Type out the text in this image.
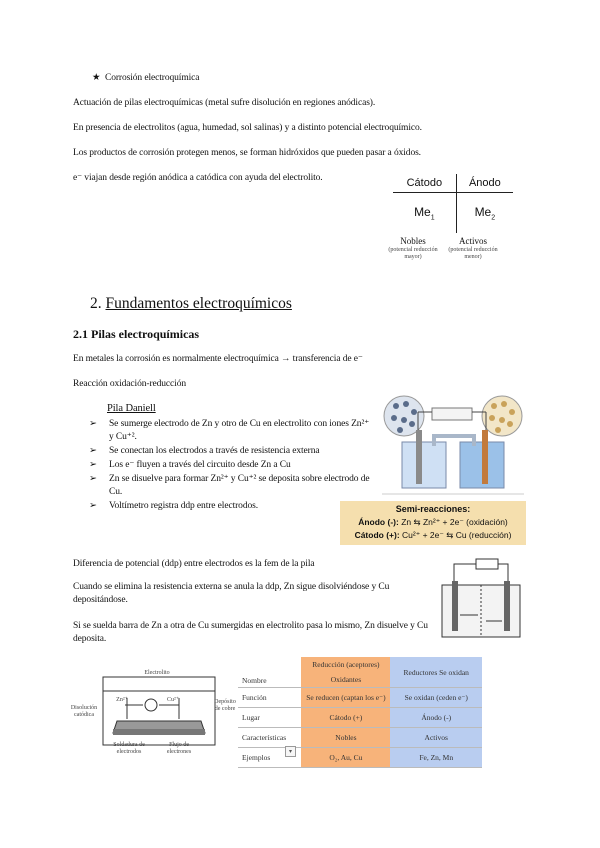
★ Corrosión electroquímica
Actuación de pilas electroquímicas (metal sufre disolución en regiones anódicas).
En presencia de electrolitos (agua, humedad, sol salinas) y a distinto potencial electroquímico.
Los productos de corrosión protegen menos, se forman hidróxidos que pueden pasar a óxidos.
e⁻ viajan desde región anódica a catódica con ayuda del electrolito.	Cátodo	Ánodo
$Me_1$	$Me_2$
Nobles
(potencial reducción mayor)
Activos
(potencial reducción menor)
2. Fundamentos electroquímicos
2.1 Pilas electroquímicas
En metales la corrosión es normalmente electroquímica → transferencia de e⁻
Reacción oxidación-reducción
Pila Daniell
➢	Se sumerge electrodo de Zn y otro de Cu en electrolito con iones Zn²⁺ y Cu⁺².
➢	Se conectan los electrodos a través de resistencia externa
➢	Los e⁻ fluyen a través del circuito desde Zn a Cu
➢	Zn se disuelve para formar Zn²⁺ y Cu⁺² se deposita sobre electrodo de Cu.
➢	Voltímetro registra ddp entre electrodos.	Semi-reacciones:
Ánodo (-): Zn ⇆ Zn²⁺ + 2e⁻ (oxidación)
Cátodo (+): Cu²⁺ + 2e⁻ ⇆ Cu (reducción)
Diferencia de potencial (ddp) entre electrodos es la fem de la pila
Cuando se elimina la resistencia externa se anula la ddp, Zn sigue disolviéndose y Cu depositándose.
Si se suelda barra de Zn a otra de Cu sumergidas en electrolito pasa lo mismo, Zn disuelve y Cu deposita.
Electrolito
Zn²⁺	Cu²⁺
Disolución catódica
Depósito de cobre
Soldadura de electrodos
Flujo de electrones
Nombre	Reducción (aceptores) Oxidantes	Reductores Se oxidan

Función	Se reducen (captan los e⁻)	Se oxidan (ceden e⁻)
Lugar	Cátodo (+)	Ánodo (-)
Características	Nobles	Activos
Ejemplos	O₂, Au, Cu	Fe, Zn, Mn
▾
